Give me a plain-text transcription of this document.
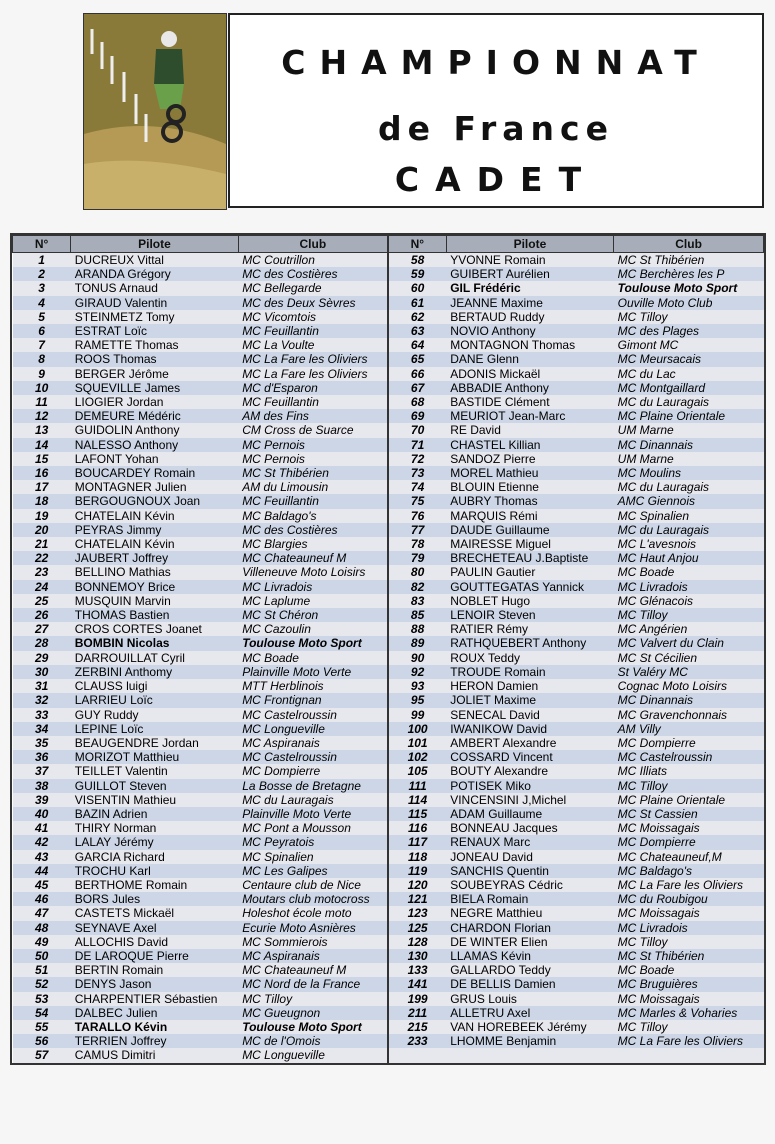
CHAMPIONNAT
de France
CADET
N°	Pilote	Club	N°	Pilote	Club
1	DUCREUX Vittal	MC Coutrillon	58	YVONNE Romain	MC St Thibérien
2	ARANDA Grégory	MC des Costières	59	GUIBERT Aurélien	MC Berchères les P
3	TONUS Arnaud	MC Bellegarde	60	GIL Frédéric	Toulouse Moto Sport
4	GIRAUD Valentin	MC des Deux Sèvres	61	JEANNE Maxime	Ouville Moto Club
5	STEINMETZ Tomy	MC Vicomtois	62	BERTAUD Ruddy	MC Tilloy
6	ESTRAT Loïc	MC Feuillantin	63	NOVIO Anthony	MC des Plages
7	RAMETTE Thomas	MC La Voulte	64	MONTAGNON Thomas	Gimont MC
8	ROOS Thomas	MC La Fare les Oliviers	65	DANE Glenn	MC Meursacais
9	BERGER Jérôme	MC La Fare les Oliviers	66	ADONIS Mickaël	MC du Lac
10	SQUEVILLE James	MC d'Esparon	67	ABBADIE Anthony	MC Montgaillard
11	LIOGIER Jordan	MC Feuillantin	68	BASTIDE Clément	MC du Lauragais
12	DEMEURE Médéric	AM des Fins	69	MEURIOT Jean-Marc	MC Plaine Orientale
13	GUIDOLIN Anthony	CM Cross de Suarce	70	RE David	UM Marne
14	NALESSO Anthony	MC Pernois	71	CHASTEL Killian	MC Dinannais
15	LAFONT Yohan	MC Pernois	72	SANDOZ Pierre	UM Marne
16	BOUCARDEY Romain	MC St Thibérien	73	MOREL Mathieu	MC Moulins
17	MONTAGNER Julien	AM du Limousin	74	BLOUIN Etienne	MC du Lauragais
18	BERGOUGNOUX Joan	MC Feuillantin	75	AUBRY Thomas	AMC Giennois
19	CHATELAIN Kévin	MC Baldago's	76	MARQUIS Rémi	MC Spinalien
20	PEYRAS Jimmy	MC des Costières	77	DAUDE Guillaume	MC du Lauragais
21	CHATELAIN Kévin	MC Blargies	78	MAIRESSE Miguel	MC L'avesnois
22	JAUBERT Joffrey	MC Chateauneuf M	79	BRECHETEAU J.Baptiste	MC Haut Anjou
23	BELLINO Mathias	Villeneuve Moto Loisirs	80	PAULIN Gautier	MC Boade
24	BONNEMOY Brice	MC Livradois	82	GOUTTEGATAS Yannick	MC Livradois
25	MUSQUIN Marvin	MC Laplume	83	NOBLET Hugo	MC Glénacois
26	THOMAS Bastien	MC St Chéron	85	LENOIR Steven	MC Tilloy
27	CROS CORTES Joanet	MC Cazoulin	88	RATIER Rémy	MC Angérien
28	BOMBIN Nicolas	Toulouse Moto Sport	89	RATHQUEBERT Anthony	MC Valvert du Clain
29	DARROUILLAT Cyril	MC Boade	90	ROUX Teddy	MC St Cécilien
30	ZERBINI Anthomy	Plainville Moto Verte	92	TROUDE Romain	St Valéry MC
31	CLAUSS luigi	MTT Herblinois	93	HERON Damien	Cognac Moto Loisirs
32	LARRIEU Loïc	MC Frontignan	95	JOLIET Maxime	MC Dinannais
33	GUY Ruddy	MC Castelroussin	99	SENECAL David	MC Gravenchonnais
34	LEPINE Loïc	MC Longueville	100	IWANIKOW David	AM Villy
35	BEAUGENDRE Jordan	MC Aspiranais	101	AMBERT Alexandre	MC Dompierre
36	MORIZOT Matthieu	MC Castelroussin	102	COSSARD Vincent	MC Castelroussin
37	TEILLET Valentin	MC Dompierre	105	BOUTY Alexandre	MC Illiats
38	GUILLOT Steven	La Bosse de Bretagne	111	POTISEK Miko	MC Tilloy
39	VISENTIN Mathieu	MC du Lauragais	114	VINCENSINI J,Michel	MC Plaine Orientale
40	BAZIN Adrien	Plainville Moto Verte	115	ADAM Guillaume	MC St Cassien
41	THIRY Norman	MC Pont a Mousson	116	BONNEAU Jacques	MC Moissagais
42	LALAY Jérémy	MC Peyratois	117	RENAUX Marc	MC Dompierre
43	GARCIA Richard	MC Spinalien	118	JONEAU David	MC Chateauneuf,M
44	TROCHU Karl	MC Les Galipes	119	SANCHIS Quentin	MC Baldago's
45	BERTHOME Romain	Centaure club de Nice	120	SOUBEYRAS Cédric	MC La Fare les Oliviers
46	BORS Jules	Moutars club motocross	121	BIELA Romain	MC du Roubigou
47	CASTETS Mickaël	Holeshot école moto	123	NEGRE Matthieu	MC Moissagais
48	SEYNAVE Axel	Ecurie Moto Asnières	125	CHARDON Florian	MC Livradois
49	ALLOCHIS David	MC Sommierois	128	DE WINTER Elien	MC Tilloy
50	DE LAROQUE Pierre	MC Aspiranais	130	LLAMAS Kévin	MC St Thibérien
51	BERTIN Romain	MC Chateauneuf M	133	GALLARDO Teddy	MC Boade
52	DENYS Jason	MC Nord de la France	141	DE BELLIS Damien	MC Bruguières
53	CHARPENTIER Sébastien	MC Tilloy	199	GRUS Louis	MC Moissagais
54	DALBEC Julien	MC Gueugnon	211	ALLETRU Axel	MC Marles & Voharies
55	TARALLO Kévin	Toulouse Moto Sport	215	VAN HOREBEEK Jérémy	MC Tilloy
56	TERRIEN Joffrey	MC de l'Omois	233	LHOMME Benjamin	MC La Fare les Oliviers
57	CAMUS Dimitri	MC Longueville			
